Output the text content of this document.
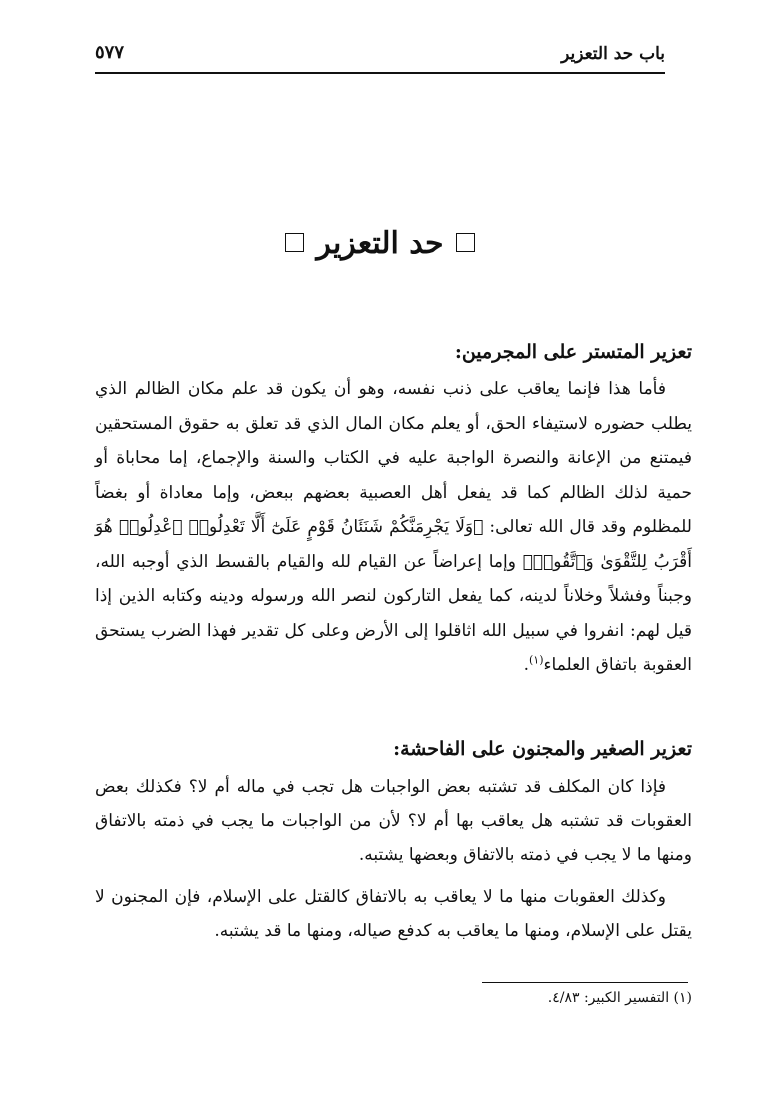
باب حد التعزير
٥٧٧
حد التعزير
تعزير المتستر على المجرمين:

فأما هذا فإنما يعاقب على ذنب نفسه، وهو أن يكون قد علم مكان الظالم الذي يطلب حضوره لاستيفاء الحق، أو يعلم مكان المال الذي قد تعلق به حقوق المستحقين فيمتنع من الإعانة والنصرة الواجبة عليه في الكتاب والسنة والإجماع، إما محاباة أو حمية لذلك الظالم كما قد يفعل أهل العصبية بعضهم ببعض، وإما معاداة أو بغضاً للمظلوم وقد قال الله تعالى: ﴿وَلَا يَجْرِمَنَّكُمْ شَنَئَانُ قَوْمٍ عَلَىٰٓ أَلَّا تَعْدِلُوا۟ ٱعْدِلُوا۟ هُوَ أَقْرَبُ لِلتَّقْوَىٰ وَٱتَّقُوا۟﴾ وإما إعراضاً عن القيام لله والقيام بالقسط الذي أوجبه الله، وجبناً وفشلاً وخلاناً لدينه، كما يفعل التاركون لنصر الله ورسوله ودينه وكتابه الذين إذا قيل لهم: انفروا في سبيل الله اثاقلوا إلى الأرض وعلى كل تقدير فهذا الضرب يستحق العقوبة باتفاق العلماء$^{(١)}$.

تعزير الصغير والمجنون على الفاحشة:

فإذا كان المكلف قد تشتبه بعض الواجبات هل تجب في ماله أم لا؟ فكذلك بعض العقوبات قد تشتبه هل يعاقب بها أم لا؟ لأن من الواجبات ما يجب في ذمته بالاتفاق ومنها ما لا يجب في ذمته بالاتفاق وبعضها يشتبه.

وكذلك العقوبات منها ما لا يعاقب به بالاتفاق كالقتل على الإسلام، فإن المجنون لا يقتل على الإسلام، ومنها ما يعاقب به كدفع صياله، ومنها ما قد يشتبه.

(١) التفسير الكبير: ٤/٨٣.
